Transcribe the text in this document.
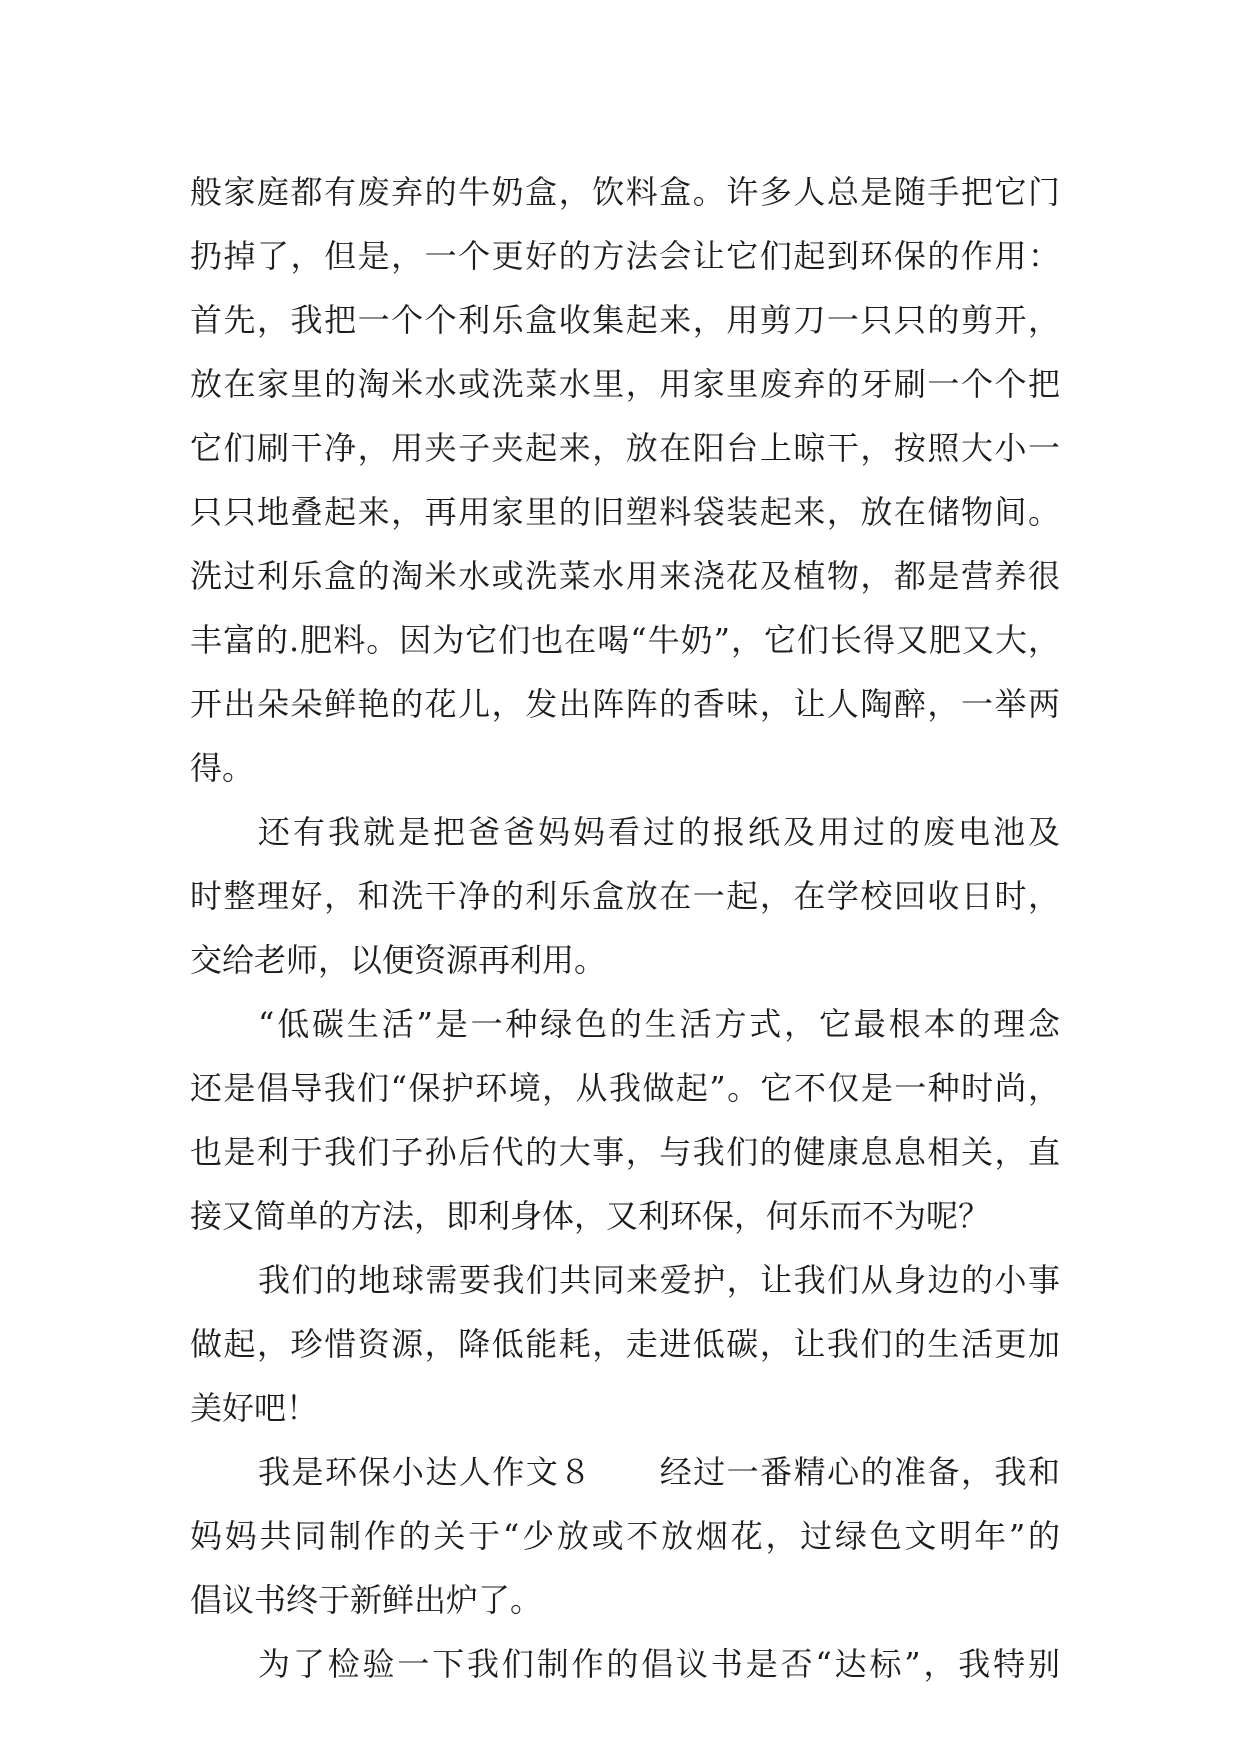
般家庭都有废弃的牛奶盒，饮料盒。许多人总是随手把它门
扔掉了，但是，一个更好的方法会让它们起到环保的作用：
首先，我把一个个利乐盒收集起来，用剪刀一只只的剪开，
放在家里的淘米水或洗菜水里，用家里废弃的牙刷一个个把
它们刷干净，用夹子夹起来，放在阳台上晾干，按照大小一
只只地叠起来，再用家里的旧塑料袋装起来，放在储物间。
洗过利乐盒的淘米水或洗菜水用来浇花及植物，都是营养很
丰富的.肥料。因为它们也在喝“牛奶”，它们长得又肥又大，
开出朵朵鲜艳的花儿，发出阵阵的香味，让人陶醉，一举两
得。
还有我就是把爸爸妈妈看过的报纸及用过的废电池及
时整理好，和洗干净的利乐盒放在一起，在学校回收日时，
交给老师，以便资源再利用。
“低碳生活”是一种绿色的生活方式，它最根本的理念
还是倡导我们“保护环境，从我做起”。它不仅是一种时尚，
也是利于我们子孙后代的大事，与我们的健康息息相关，直
接又简单的方法，即利身体，又利环保，何乐而不为呢？
我们的地球需要我们共同来爱护，让我们从身边的小事
做起，珍惜资源，降低能耗，走进低碳，让我们的生活更加
美好吧！
我是环保小达人作文８　　经过一番精心的准备，我和
妈妈共同制作的关于“少放或不放烟花，过绿色文明年”的
倡议书终于新鲜出炉了。
为了检验一下我们制作的倡议书是否“达标”，我特别
